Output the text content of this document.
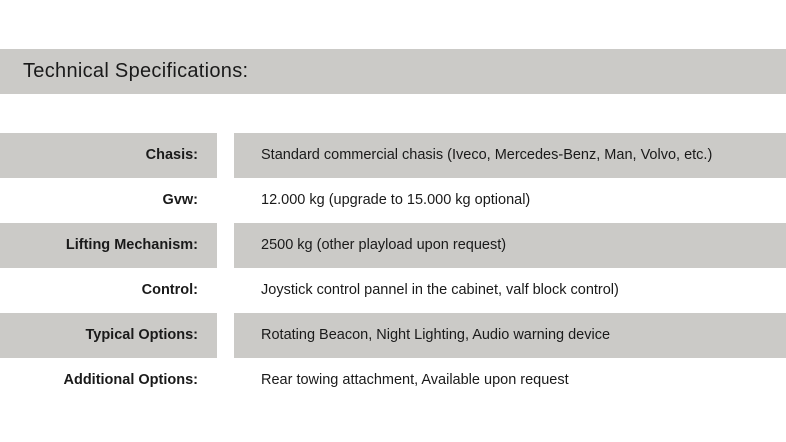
Technical Specifications:
Chasis:	Standard commercial chasis (Iveco, Mercedes-Benz, Man, Volvo, etc.)
Gvw:	12.000 kg (upgrade to 15.000 kg optional)
Lifting Mechanism:	2500 kg (other playload upon request)
Control:	Joystick control pannel in the cabinet, valf block control)
Typical Options:	Rotating Beacon, Night Lighting, Audio warning device
Additional Options:	Rear towing attachment, Available upon request
